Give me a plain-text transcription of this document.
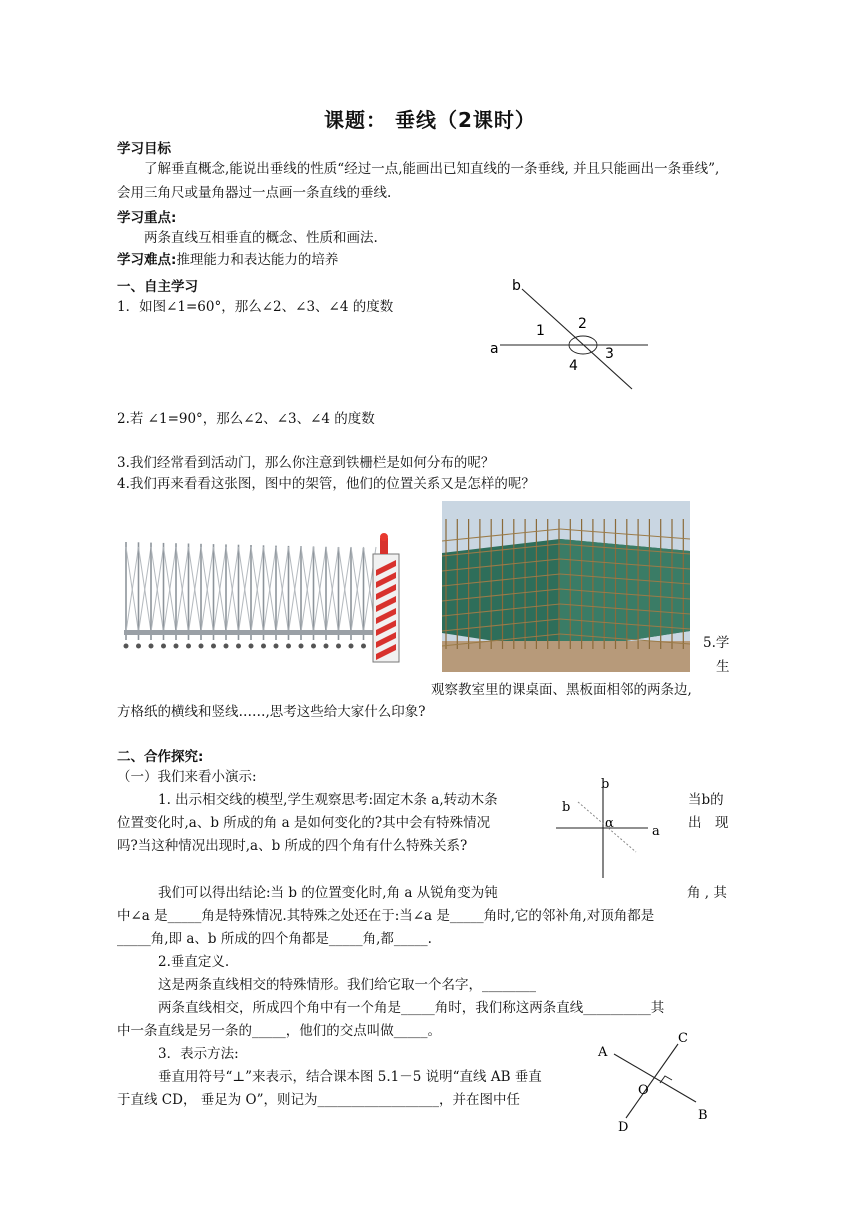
课题： 垂线（2课时）
学习目标
了解垂直概念,能说出垂线的性质“经过一点,能画出已知直线的一条垂线, 并且只能画出一条垂线”,会用三角尺或量角器过一点画一条直线的垂线.
学习重点:
两条直线互相垂直的概念、性质和画法.
学习难点:推理能力和表达能力的培养
一、自主学习
1．如图∠1=60°，那么∠2、∠3、∠4 的度数
b
a
1 2
3
4
2.若 ∠1=90°，那么∠2、∠3、∠4 的度数
3.我们经常看到活动门，那么你注意到铁栅栏是如何分布的呢？
4.我们再来看看这张图，图中的架管，他们的位置关系又是怎样的呢？
5.学
生
观察教室里的课桌面、黑板面相邻的两条边,
方格纸的横线和竖线……,思考这些给大家什么印象?
二、合作探究:
（一）我们来看小演示:
1. 出示相交线的模型,学生观察思考:固定木条 a,转动木条	当b的
位置变化时,a、b 所成的角 a 是如何变化的?其中会有特殊情况	出　现
吗?当这种情况出现时,a、b 所成的四个角有什么特殊关系?
b
b
α
a
我们可以得出结论:当 b 的位置变化时,角 a 从锐角变为钝	角 , 其
中∠a 是_____角是特殊情况.其特殊之处还在于:当∠a 是_____角时,它的邻补角,对顶角都是
_____角,即 a、b 所成的四个角都是_____角,都_____.
2.垂直定义.
这是两条直线相交的特殊情形。我们给它取一个名字，________
两条直线相交，所成四个角中有一个角是_____角时，我们称这两条直线__________其
中一条直线是另一条的_____，他们的交点叫做_____。
3．表示方法:
垂直用符号“⊥”来表示，结合课本图 5.1－5 说明“直线 AB 垂直
于直线 CD， 垂足为 O”，则记为__________________，并在图中任
A
C
O
B
D
